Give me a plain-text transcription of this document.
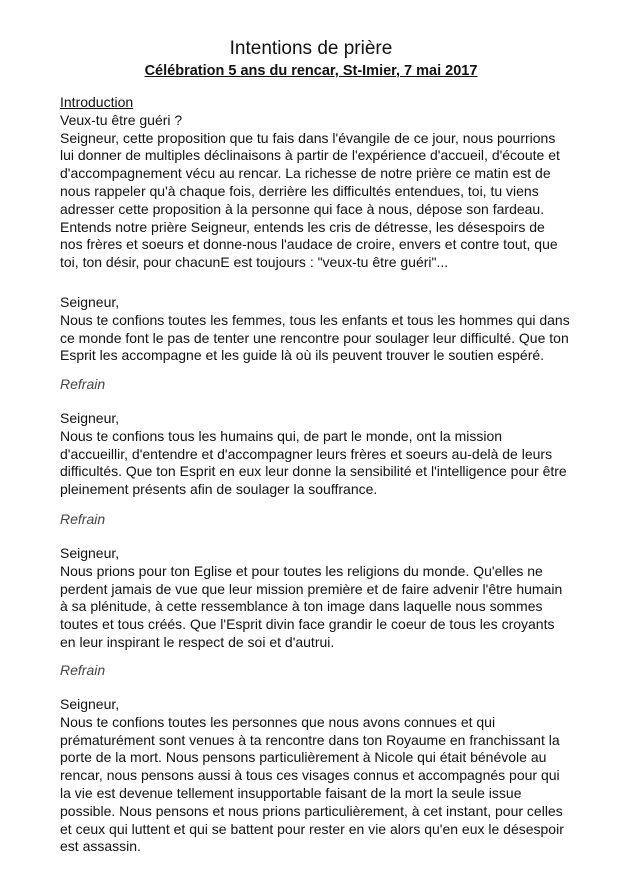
Intentions de prière
Célébration 5 ans du rencar, St-Imier, 7 mai 2017
Introduction
Veux-tu être guéri ?
Seigneur, cette proposition que tu fais dans l'évangile de ce jour, nous pourrions lui donner de multiples déclinaisons à partir de l'expérience d'accueil, d'écoute et d'accompagnement vécu au rencar. La richesse de notre prière ce matin est de nous rappeler qu'à chaque fois, derrière les difficultés entendues, toi, tu viens adresser cette proposition à la personne qui face à nous, dépose son fardeau. Entends notre prière Seigneur, entends les cris de détresse, les désespoirs de nos frères et soeurs et donne-nous l'audace de croire, envers et contre tout, que toi, ton désir, pour chacunE est toujours : "veux-tu être guéri"...
Seigneur,
Nous te confions toutes les femmes, tous les enfants et tous les hommes qui dans ce monde font le pas de tenter une rencontre pour soulager leur difficulté. Que ton Esprit les accompagne et les guide là où ils peuvent trouver le soutien espéré.
Refrain
Seigneur,
Nous te confions tous les humains qui, de part le monde, ont la mission d'accueillir, d'entendre et d'accompagner leurs frères et soeurs au-delà de leurs difficultés. Que ton Esprit en eux leur donne la sensibilité et l'intelligence pour être pleinement présents afin de soulager la souffrance.
Refrain
Seigneur,
Nous prions pour ton Eglise et pour toutes les religions du monde. Qu'elles ne perdent jamais de vue que leur mission première et de faire advenir l'être humain à sa plénitude, à cette ressemblance à ton image dans laquelle nous sommes toutes et tous créés. Que l'Esprit divin face grandir le coeur de tous les croyants en leur inspirant le respect de soi et d'autrui.
Refrain
Seigneur,
Nous te confions toutes les personnes que nous avons connues et qui prématurément sont venues à ta rencontre dans ton Royaume en franchissant la porte de la mort. Nous pensons particulièrement à Nicole qui était bénévole au rencar, nous pensons aussi à tous ces visages connus et accompagnés pour qui la vie est devenue tellement insupportable faisant de la mort la seule issue possible. Nous pensons et nous prions particulièrement, à cet instant, pour celles et ceux qui luttent et qui se battent pour rester en vie alors qu'en eux le désespoir est assassin.
